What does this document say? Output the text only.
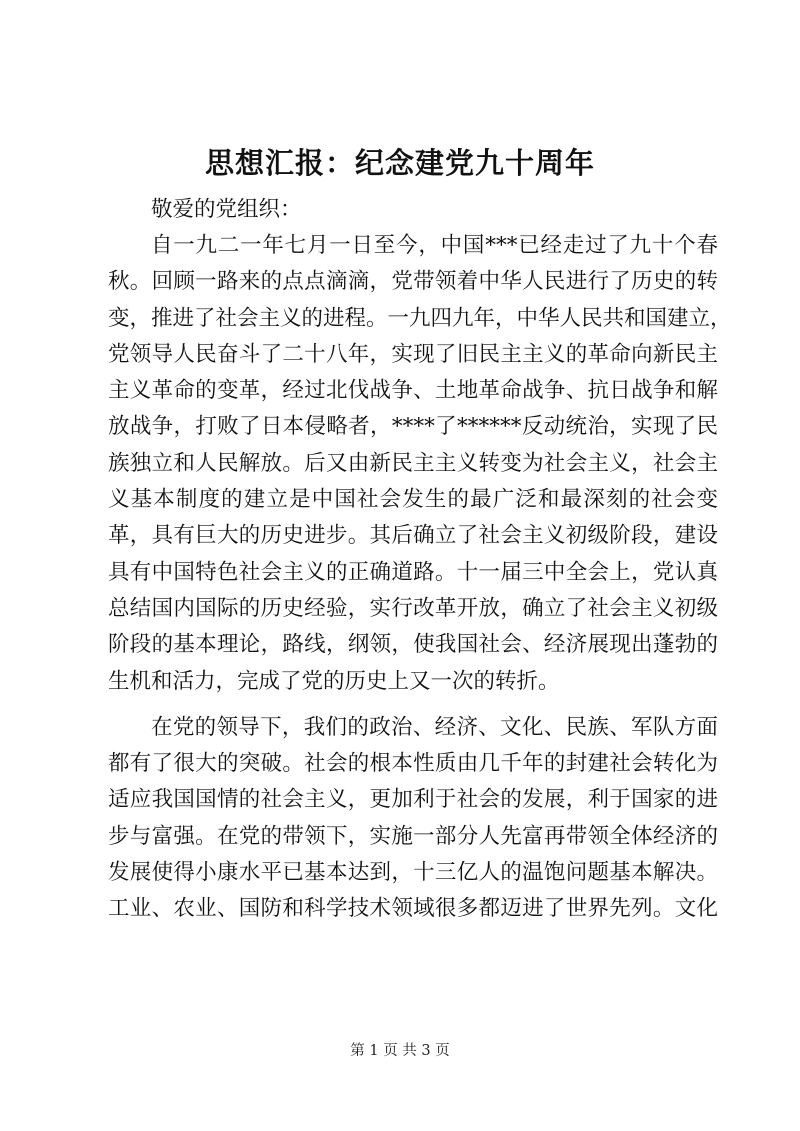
思想汇报：纪念建党九十周年
敬爱的党组织：
自一九二一年七月一日至今，中国***已经走过了九十个春
秋。回顾一路来的点点滴滴，党带领着中华人民进行了历史的转
变，推进了社会主义的进程。一九四九年，中华人民共和国建立，
党领导人民奋斗了二十八年，实现了旧民主主义的革命向新民主
主义革命的变革，经过北伐战争、土地革命战争、抗日战争和解
放战争，打败了日本侵略者，****了******反动统治，实现了民
族独立和人民解放。后又由新民主主义转变为社会主义，社会主
义基本制度的建立是中国社会发生的最广泛和最深刻的社会变
革，具有巨大的历史进步。其后确立了社会主义初级阶段，建设
具有中国特色社会主义的正确道路。十一届三中全会上，党认真
总结国内国际的历史经验，实行改革开放，确立了社会主义初级
阶段的基本理论，路线，纲领，使我国社会、经济展现出蓬勃的
生机和活力，完成了党的历史上又一次的转折。
在党的领导下，我们的政治、经济、文化、民族、军队方面
都有了很大的突破。社会的根本性质由几千年的封建社会转化为
适应我国国情的社会主义，更加利于社会的发展，利于国家的进
步与富强。在党的带领下，实施一部分人先富再带领全体经济的
发展使得小康水平已基本达到，十三亿人的温饱问题基本解决。
工业、农业、国防和科学技术领域很多都迈进了世界先列。文化
第 1 页 共 3 页
